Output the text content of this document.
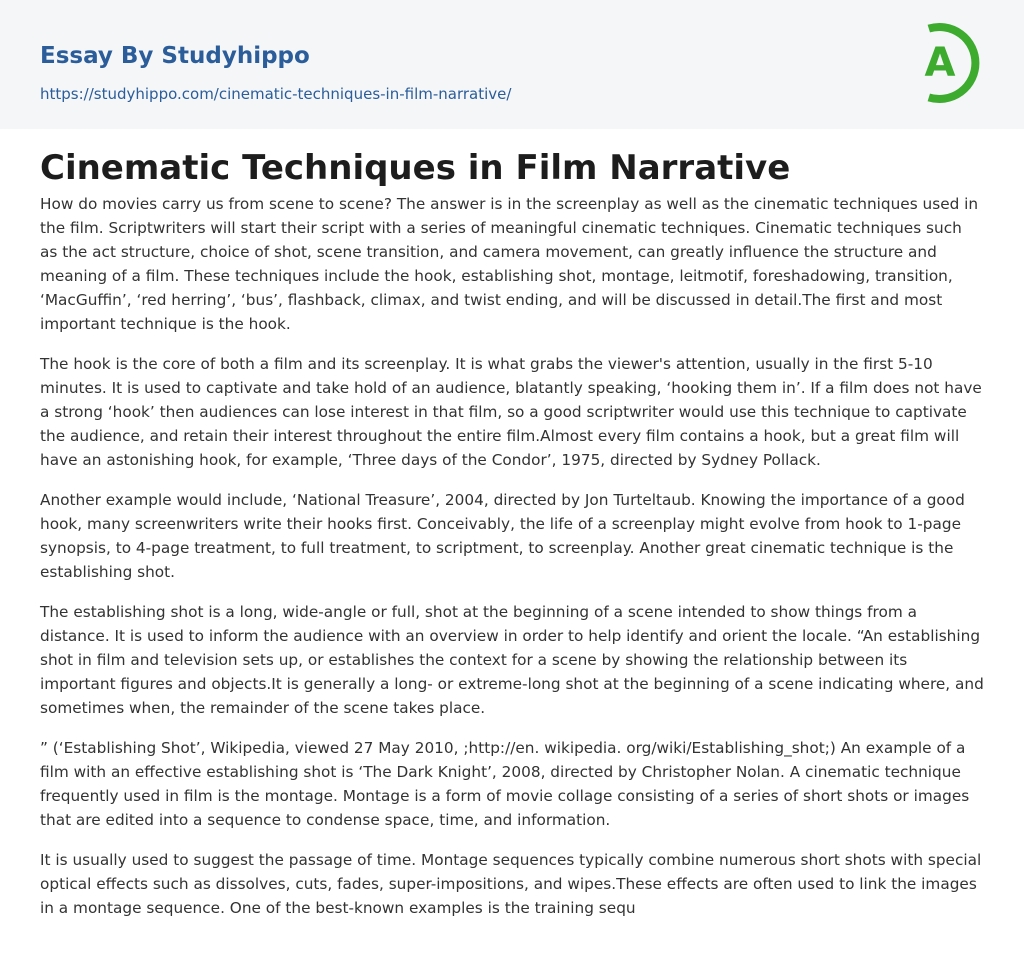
Essay By Studyhippo
https://studyhippo.com/cinematic-techniques-in-film-narrative/
A
Cinematic Techniques in Film Narrative

How do movies carry us from scene to scene? The answer is in the screenplay as well as the cinematic techniques used in the film. Scriptwriters will start their script with a series of meaningful cinematic techniques. Cinematic techniques such as the act structure, choice of shot, scene transition, and camera movement, can greatly influence the structure and meaning of a film. These techniques include the hook, establishing shot, montage, leitmotif, foreshadowing, transition, ‘MacGuffin’, ‘red herring’, ‘bus’, flashback, climax, and twist ending, and will be discussed in detail.The first and most important technique is the hook.

The hook is the core of both a film and its screenplay. It is what grabs the viewer's attention, usually in the first 5-10 minutes. It is used to captivate and take hold of an audience, blatantly speaking, ‘hooking them in’. If a film does not have a strong ‘hook’ then audiences can lose interest in that film, so a good scriptwriter would use this technique to captivate the audience, and retain their interest throughout the entire film.Almost every film contains a hook, but a great film will have an astonishing hook, for example, ‘Three days of the Condor’, 1975, directed by Sydney Pollack.

Another example would include, ‘National Treasure’, 2004, directed by Jon Turteltaub. Knowing the importance of a good hook, many screenwriters write their hooks first. Conceivably, the life of a screenplay might evolve from hook to 1-page synopsis, to 4-page treatment, to full treatment, to scriptment, to screenplay. Another great cinematic technique is the establishing shot.

The establishing shot is a long, wide-angle or full, shot at the beginning of a scene intended to show things from a distance. It is used to inform the audience with an overview in order to help identify and orient the locale. “An establishing shot in film and television sets up, or establishes the context for a scene by showing the relationship between its important figures and objects.It is generally a long- or extreme-long shot at the beginning of a scene indicating where, and sometimes when, the remainder of the scene takes place.

” (‘Establishing Shot’, Wikipedia, viewed 27 May 2010, ;http://en. wikipedia. org/wiki/Establishing_shot;) An example of a film with an effective establishing shot is ‘The Dark Knight’, 2008, directed by Christopher Nolan. A cinematic technique frequently used in film is the montage. Montage is a form of movie collage consisting of a series of short shots or images that are edited into a sequence to condense space, time, and information.

It is usually used to suggest the passage of time. Montage sequences typically combine numerous short shots with special optical effects such as dissolves, cuts, fades, super-impositions, and wipes.These effects are often used to link the images in a montage sequence. One of the best-known examples is the training sequ
